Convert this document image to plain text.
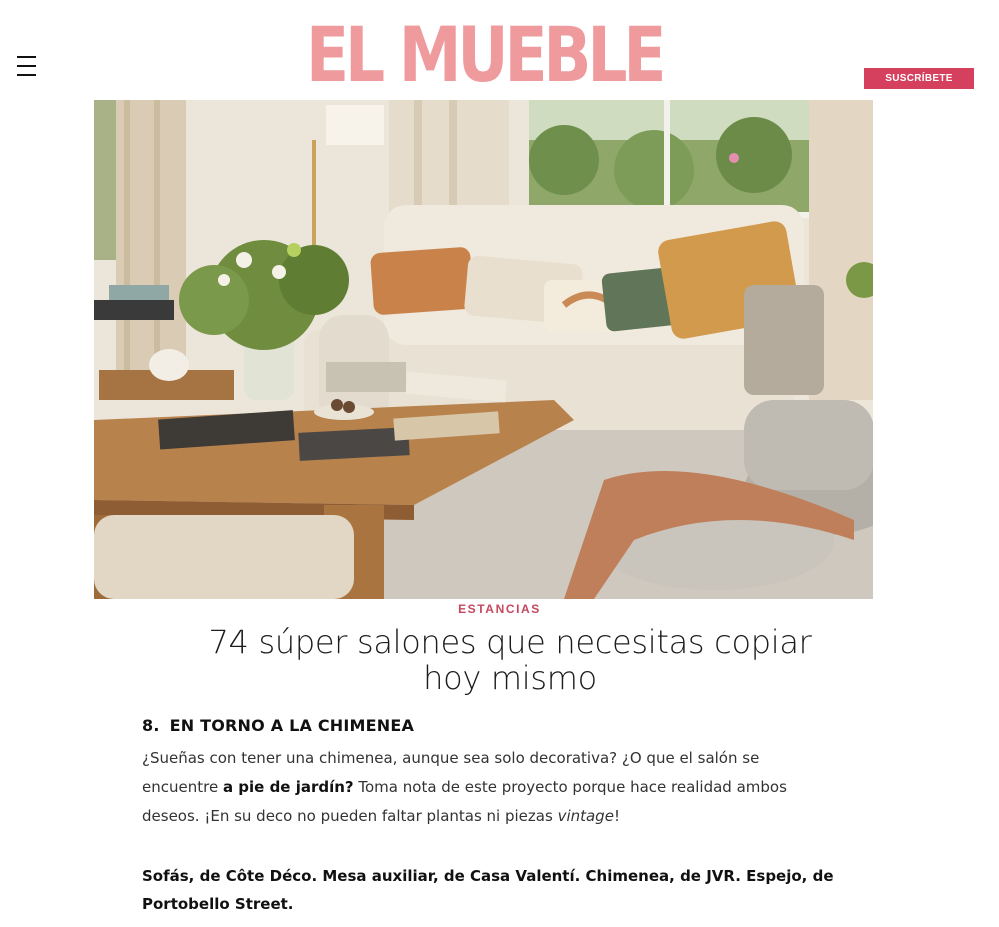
EL MUEBLE	SUSCRÍBETE
ESTANCIAS
74 súper salones que necesitas copiar
hoy mismo
8. EN TORNO A LA CHIMENEA

¿Sueñas con tener una chimenea, aunque sea solo decorativa? ¿O que el salón se encuentre a pie de jardín? Toma nota de este proyecto porque hace realidad ambos deseos. ¡En su deco no pueden faltar plantas ni piezas vintage!

Sofás, de Côte Déco. Mesa auxiliar, de Casa Valentí. Chimenea, de JVR. Espejo, de Portobello Street.
